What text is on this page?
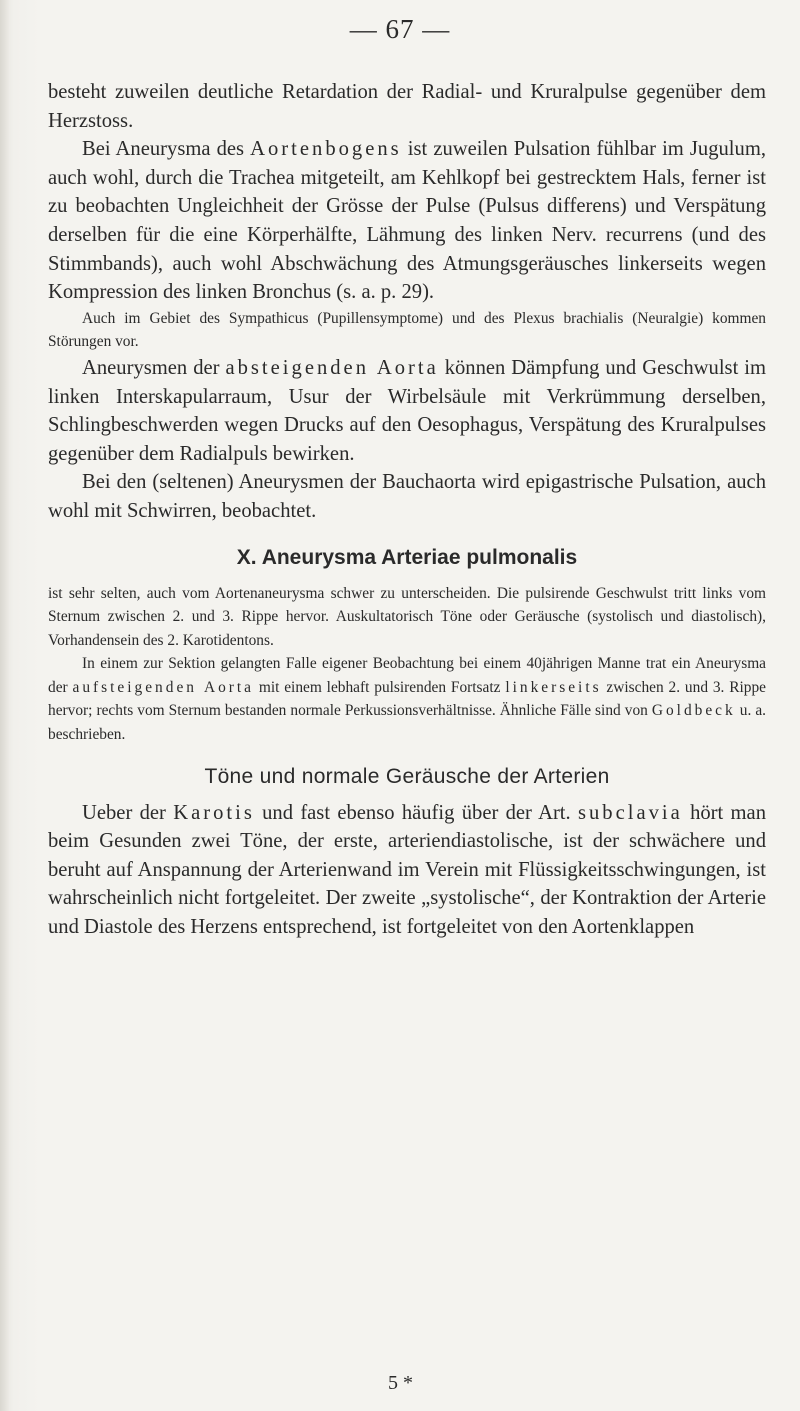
— 67 —

besteht zuweilen deutliche Retardation der Radial- und Kruralpulse gegenüber dem Herzstoss.

Bei Aneurysma des Aortenbogens ist zuweilen Pulsation fühlbar im Jugulum, auch wohl, durch die Trachea mitgeteilt, am Kehlkopf bei gestrecktem Hals, ferner ist zu beobachten Ungleichheit der Grösse der Pulse (Pulsus differens) und Verspätung derselben für die eine Körperhälfte, Lähmung des linken Nerv. recurrens (und des Stimmbands), auch wohl Abschwächung des Atmungsgeräusches linkerseits wegen Kompression des linken Bronchus (s. a. p. 29).

Auch im Gebiet des Sympathicus (Pupillensymptome) und des Plexus brachialis (Neuralgie) kommen Störungen vor.

Aneurysmen der absteigenden Aorta können Dämpfung und Geschwulst im linken Interskapularraum, Usur der Wirbelsäule mit Verkrümmung derselben, Schlingbeschwerden wegen Drucks auf den Oesophagus, Verspätung des Kruralpulses gegenüber dem Radialpuls bewirken.

Bei den (seltenen) Aneurysmen der Bauchaorta wird epigastrische Pulsation, auch wohl mit Schwirren, beobachtet.

X. Aneurysma Arteriae pulmonalis

ist sehr selten, auch vom Aortenaneurysma schwer zu unterscheiden. Die pulsirende Geschwulst tritt links vom Sternum zwischen 2. und 3. Rippe hervor. Auskultatorisch Töne oder Geräusche (systolisch und diastolisch), Vorhandensein des 2. Karotidentons.

In einem zur Sektion gelangten Falle eigener Beobachtung bei einem 40jährigen Manne trat ein Aneurysma der aufsteigenden Aorta mit einem lebhaft pulsirenden Fortsatz linkerseits zwischen 2. und 3. Rippe hervor; rechts vom Sternum bestanden normale Perkussionsverhältnisse. Ähnliche Fälle sind von Goldbeck u. a. beschrieben.

Töne und normale Geräusche der Arterien

Ueber der Karotis und fast ebenso häufig über der Art. subclavia hört man beim Gesunden zwei Töne, der erste, arteriendiastolische, ist der schwächere und beruht auf Anspannung der Arterienwand im Verein mit Flüssigkeitsschwingungen, ist wahrscheinlich nicht fortgeleitet. Der zweite „systolische“, der Kontraktion der Arterie und Diastole des Herzens entsprechend, ist fortgeleitet von den Aortenklappen

5 *
